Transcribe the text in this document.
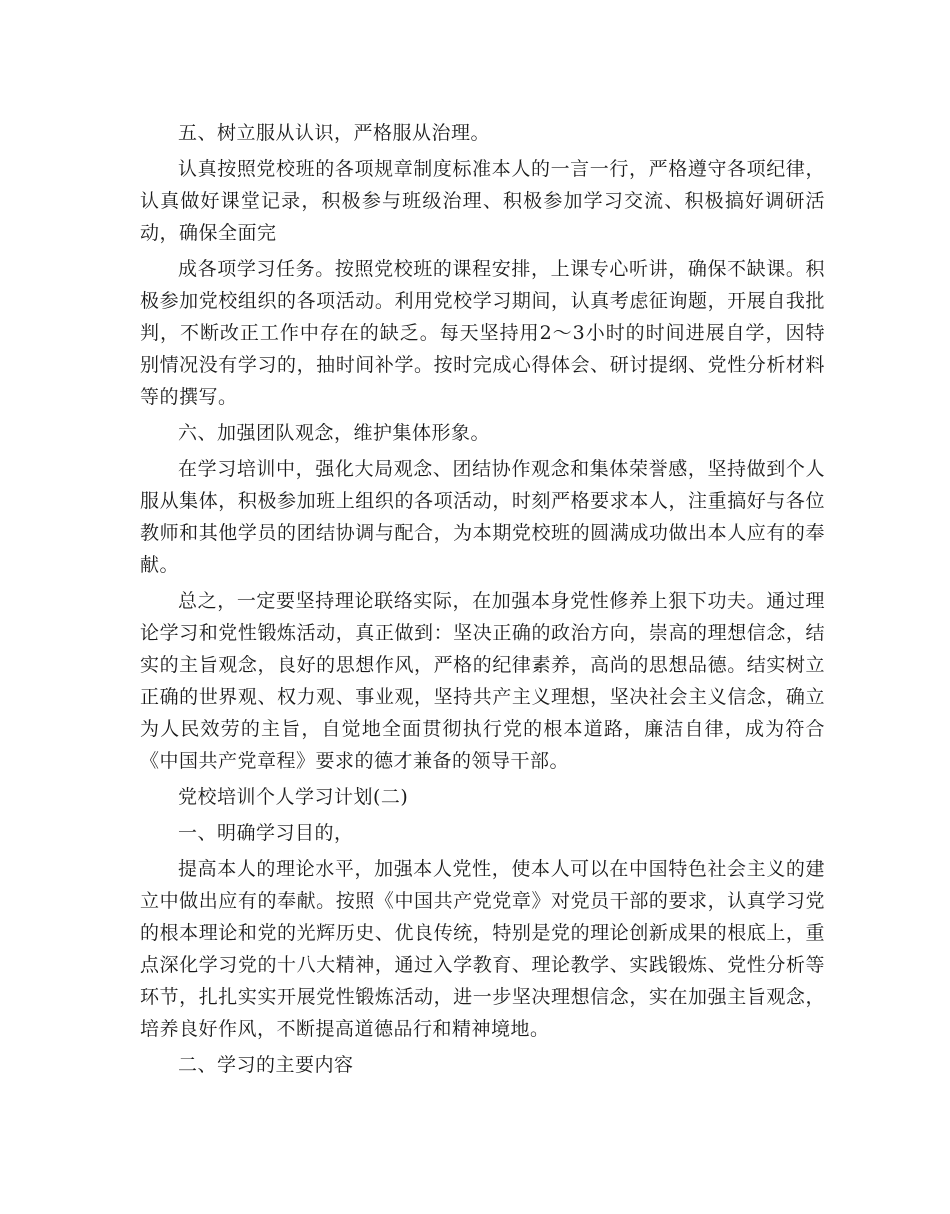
五、树立服从认识，严格服从治理。

认真按照党校班的各项规章制度标准本人的一言一行，严格遵守各项纪律，认真做好课堂记录，积极参与班级治理、积极参加学习交流、积极搞好调研活动，确保全面完

成各项学习任务。按照党校班的课程安排，上课专心听讲，确保不缺课。积极参加党校组织的各项活动。利用党校学习期间，认真考虑征询题，开展自我批判，不断改正工作中存在的缺乏。每天坚持用2～3小时的时间进展自学，因特别情况没有学习的，抽时间补学。按时完成心得体会、研讨提纲、党性分析材料等的撰写。

六、加强团队观念，维护集体形象。

在学习培训中，强化大局观念、团结协作观念和集体荣誉感，坚持做到个人服从集体，积极参加班上组织的各项活动，时刻严格要求本人，注重搞好与各位教师和其他学员的团结协调与配合，为本期党校班的圆满成功做出本人应有的奉献。

总之，一定要坚持理论联络实际，在加强本身党性修养上狠下功夫。通过理论学习和党性锻炼活动，真正做到：坚决正确的政治方向，崇高的理想信念，结实的主旨观念，良好的思想作风，严格的纪律素养，高尚的思想品德。结实树立正确的世界观、权力观、事业观，坚持共产主义理想，坚决社会主义信念，确立为人民效劳的主旨，自觉地全面贯彻执行党的根本道路，廉洁自律，成为符合《中国共产党章程》要求的德才兼备的领导干部。

党校培训个人学习计划(二)

一、明确学习目的，

提高本人的理论水平，加强本人党性，使本人可以在中国特色社会主义的建立中做出应有的奉献。按照《中国共产党党章》对党员干部的要求，认真学习党的根本理论和党的光辉历史、优良传统，特别是党的理论创新成果的根底上，重点深化学习党的十八大精神，通过入学教育、理论教学、实践锻炼、党性分析等环节，扎扎实实开展党性锻炼活动，进一步坚决理想信念，实在加强主旨观念，培养良好作风，不断提高道德品行和精神境地。

二、学习的主要内容
